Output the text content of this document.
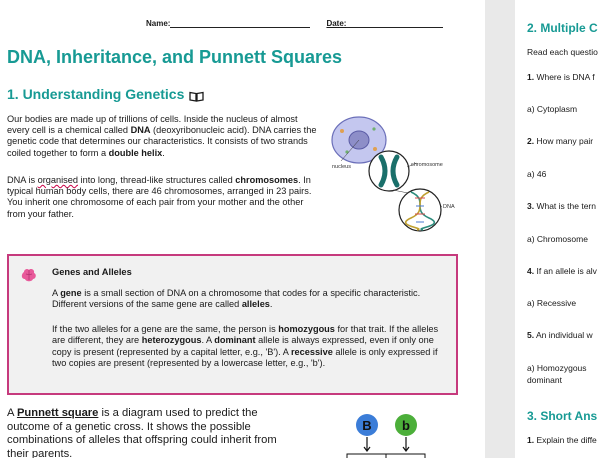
Name:	Date:
DNA, Inheritance, and Punnett Squares
1. Understanding Genetics
Our bodies are made up of trillions of cells. Inside the nucleus of almost every cell is a chemical called DNA (deoxyribonucleic acid). DNA carries the genetic code that determines our characteristics. It consists of two strands coiled together to form a double helix.
DNA is organised into long, thread-like structures called chromosomes. In typical human body cells, there are 46 chromosomes, arranged in 23 pairs. You inherit one chromosome of each pair from your mother and the other from your father.
nucleus	chromosome
DNA
Genes and Alleles
A gene is a small section of DNA on a chromosome that codes for a specific characteristic. Different versions of the same gene are called alleles.
If the two alleles for a gene are the same, the person is homozygous for that trait. If the alleles are different, they are heterozygous. A dominant allele is always expressed, even if only one copy is present (represented by a capital letter, e.g., 'B'). A recessive allele is only expressed if two copies are present (represented by a lowercase letter, e.g., 'b').
A Punnett square is a diagram used to predict the outcome of a genetic cross. It shows the possible combinations of alleles that offspring could inherit from their parents.
B b
2. Multiple C
Read each questio
1. Where is DNA f
a) Cytoplasm
2. How many pair
a) 46
3. What is the tern
a) Chromosome
4. If an allele is alv
a) Recessive
5. An individual w
a) Homozygous
dominant
3. Short Ans
1. Explain the diffe
